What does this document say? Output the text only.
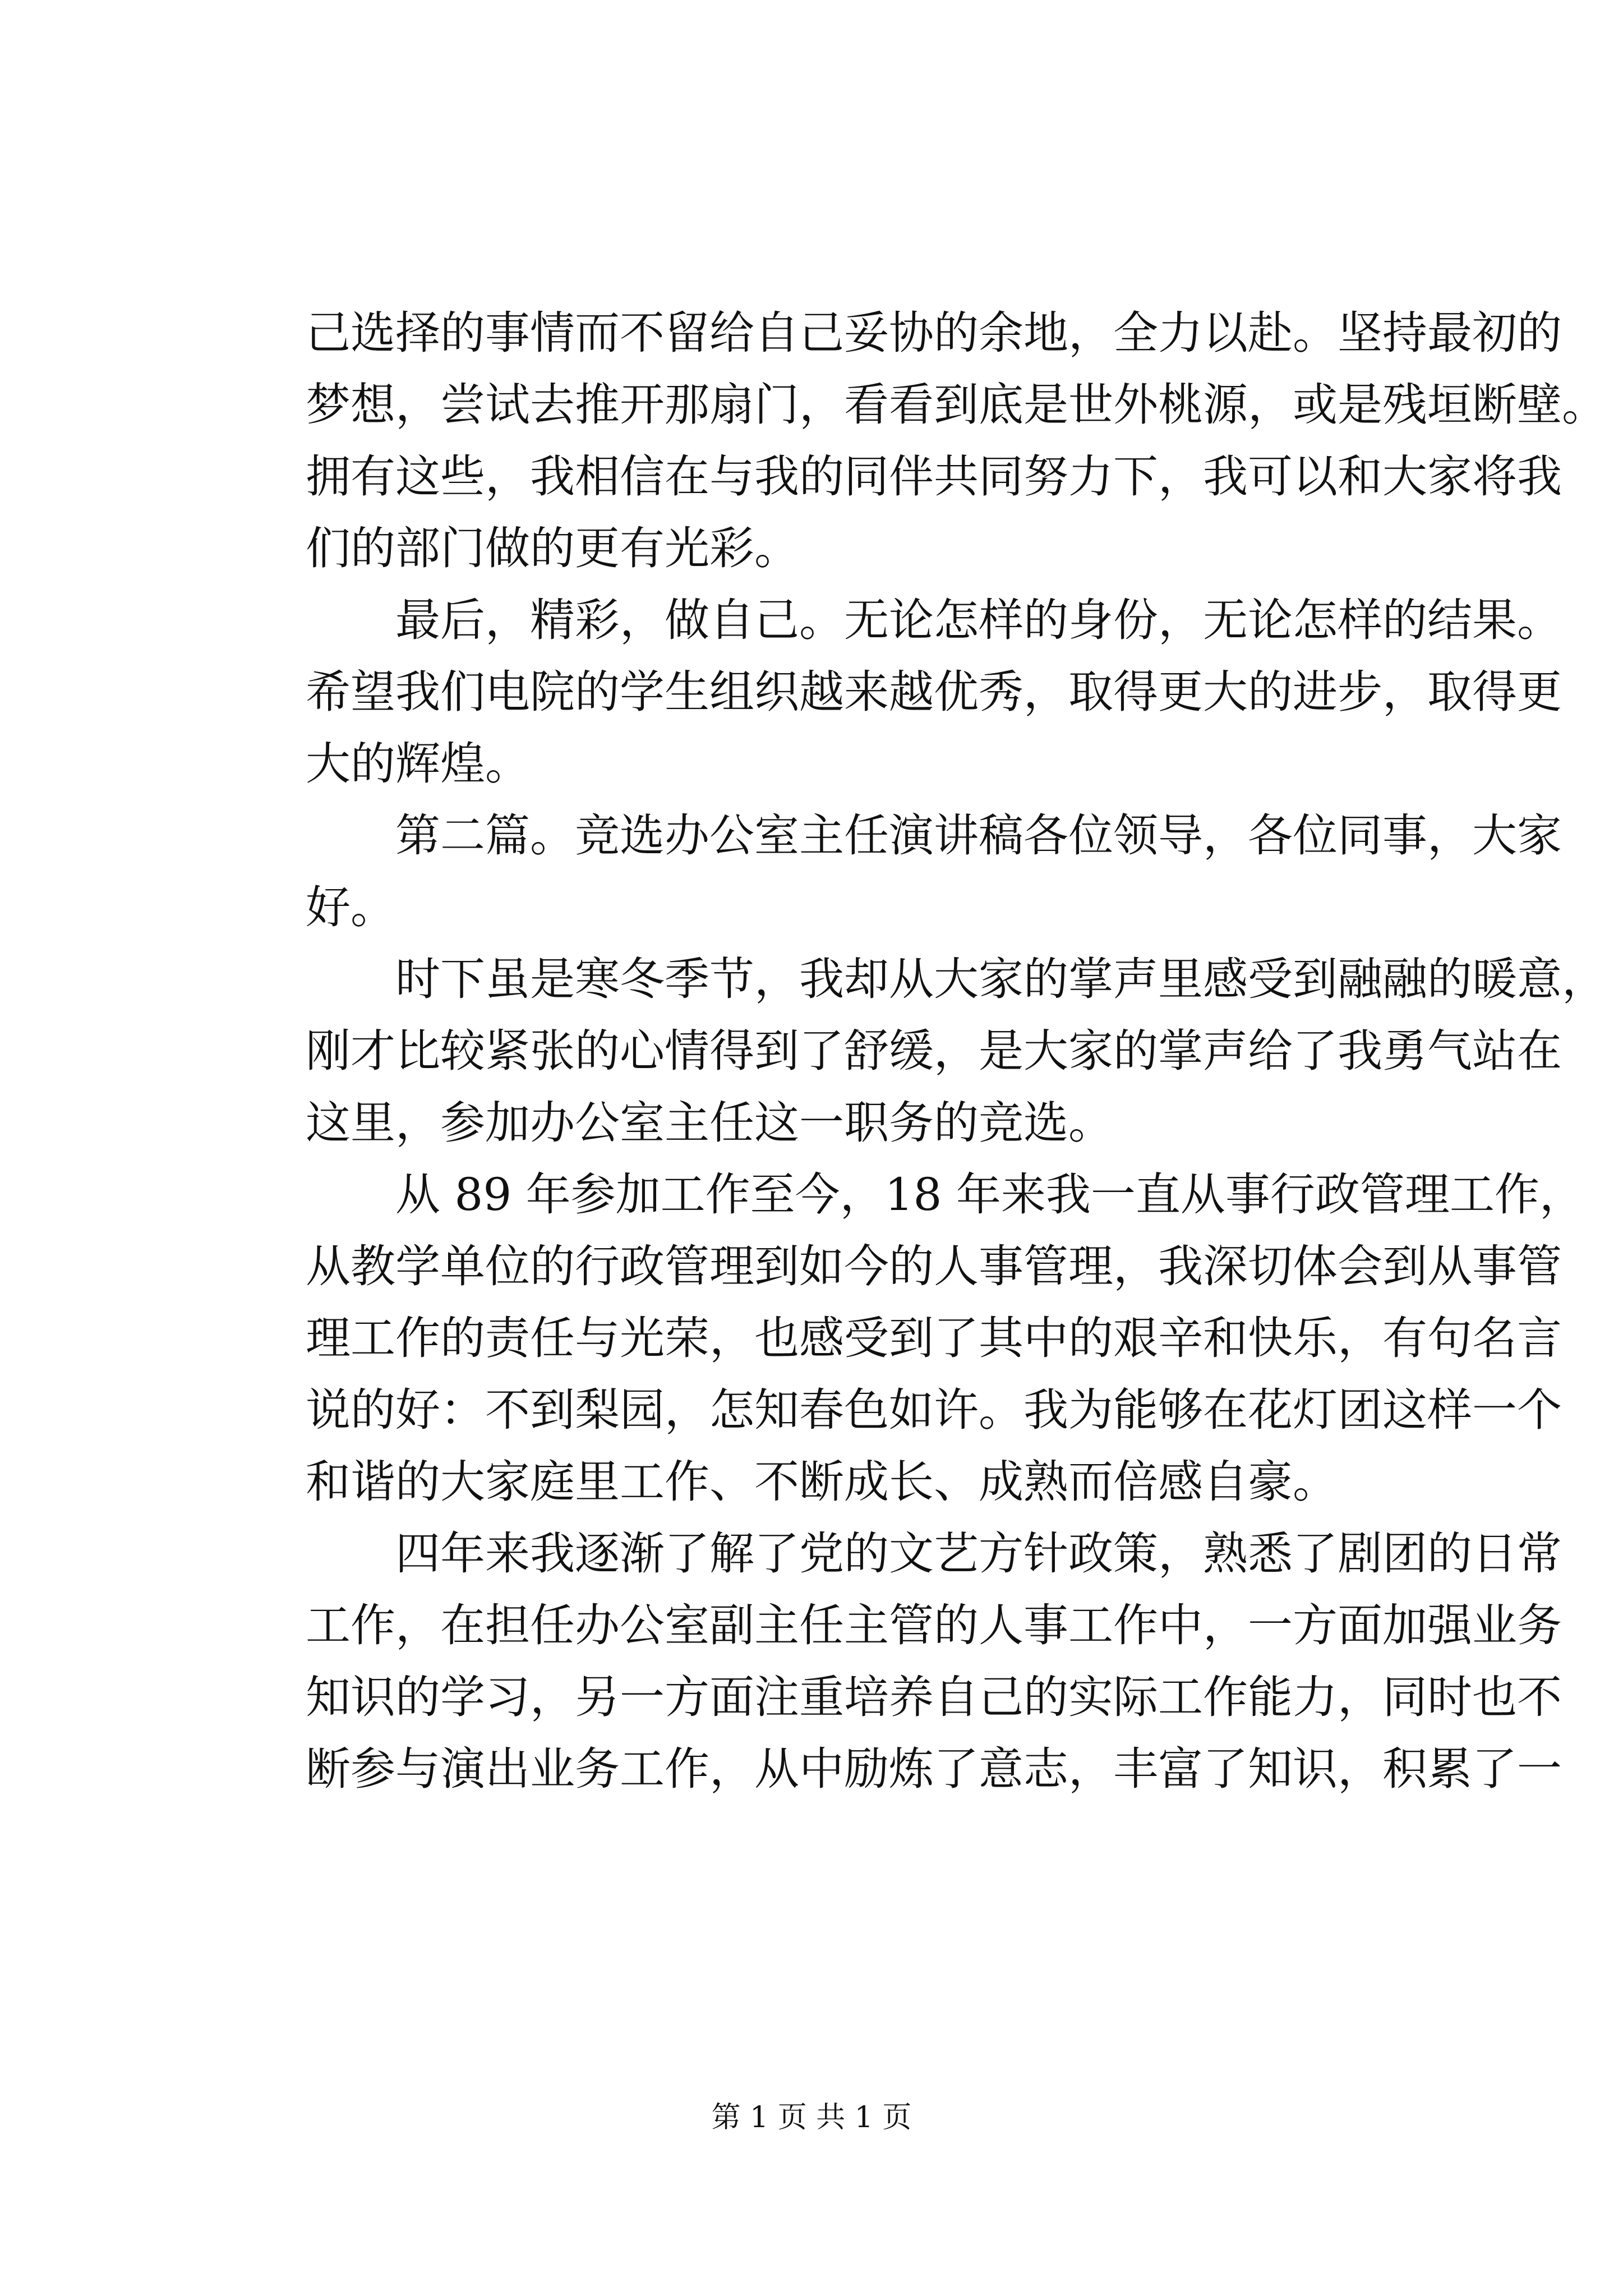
己选择的事情而不留给自己妥协的余地，全力以赴。坚持最初的
梦想，尝试去推开那扇门，看看到底是世外桃源，或是残垣断壁。
拥有这些，我相信在与我的同伴共同努力下，我可以和大家将我
们的部门做的更有光彩。
最后，精彩，做自己。无论怎样的身份，无论怎样的结果。
希望我们电院的学生组织越来越优秀，取得更大的进步，取得更
大的辉煌。
第二篇。竞选办公室主任演讲稿各位领导，各位同事，大家
好。
时下虽是寒冬季节，我却从大家的掌声里感受到融融的暖意，
刚才比较紧张的心情得到了舒缓，是大家的掌声给了我勇气站在
这里，参加办公室主任这一职务的竞选。
从 89 年参加工作至今，18 年来我一直从事行政管理工作，
从教学单位的行政管理到如今的人事管理，我深切体会到从事管
理工作的责任与光荣，也感受到了其中的艰辛和快乐，有句名言
说的好：不到梨园，怎知春色如许。我为能够在花灯团这样一个
和谐的大家庭里工作、不断成长、成熟而倍感自豪。
四年来我逐渐了解了党的文艺方针政策，熟悉了剧团的日常
工作，在担任办公室副主任主管的人事工作中，一方面加强业务
知识的学习，另一方面注重培养自己的实际工作能力，同时也不
断参与演出业务工作，从中励炼了意志，丰富了知识，积累了一
第 1 页 共 1 页
